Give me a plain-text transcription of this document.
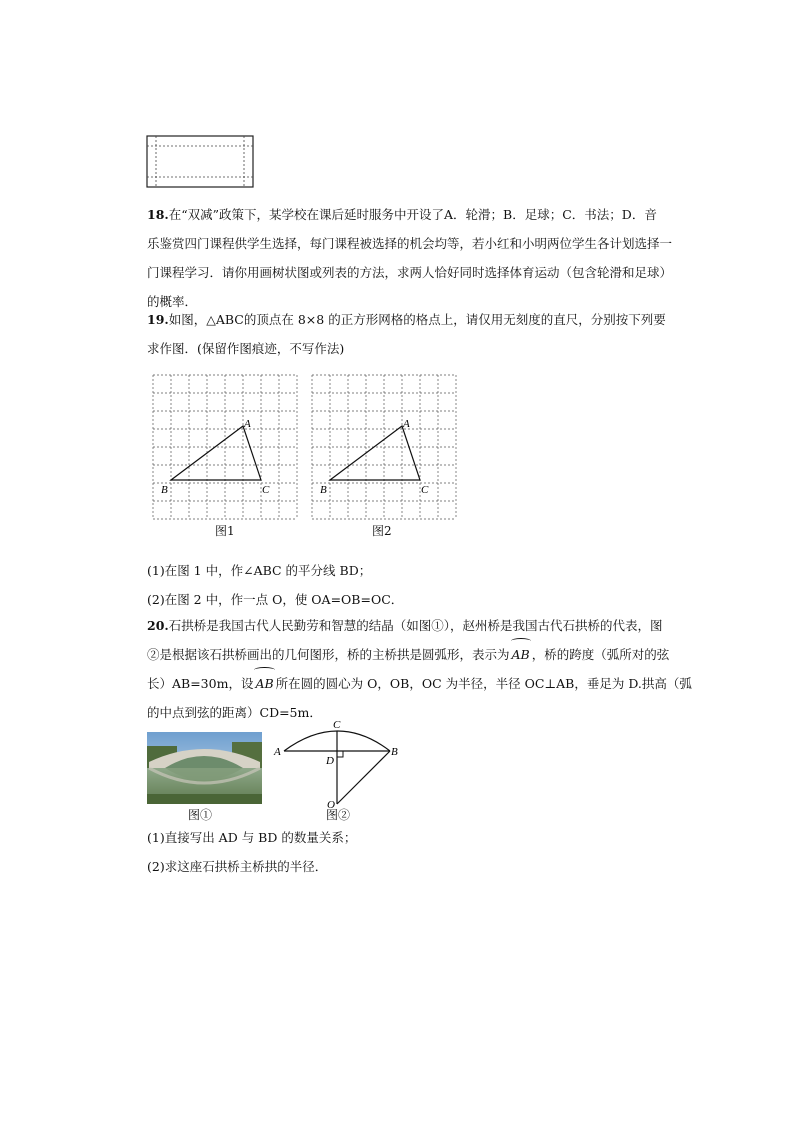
18.在“双减”政策下，某学校在课后延时服务中开设了A．轮滑；B．足球；C．书法；D．音

乐鉴赏四门课程供学生选择，每门课程被选择的机会均等，若小红和小明两位学生各计划选择一

门课程学习．请你用画树状图或列表的方法，求两人恰好同时选择体育运动（包含轮滑和足球）

的概率．

19.如图，△ABC的顶点在 8×8 的正方形网格的格点上，请仅用无刻度的直尺，分别按下列要

求作图．(保留作图痕迹，不写作法)

A
B	C
图1
A
B	C
图2

(1)在图 1 中，作∠ABC 的平分线 BD；

(2)在图 2 中，作一点 O，使 OA=OB=OC．

20.石拱桥是我国古代人民勤劳和智慧的结晶（如图①），赵州桥是我国古代石拱桥的代表，图

②是根据该石拱桥画出的几何图形，桥的主桥拱是圆弧形，表示为 AB ，桥的跨度（弧所对的弦

长）AB=30m，设 AB 所在圆的圆心为 O，OB，OC 为半径，半径 OC⊥AB，垂足为 D.拱高（弧

的中点到弦的距离）CD=5m．

图①
A	B
C
D
O
图②

(1)直接写出 AD 与 BD 的数量关系；

(2)求这座石拱桥主桥拱的半径．
